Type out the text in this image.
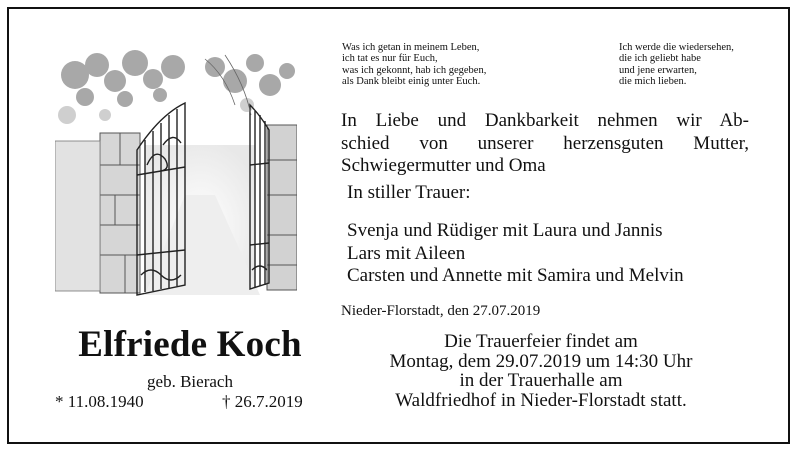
Was ich getan in meinem Leben,
ich tat es nur für Euch,
was ich gekonnt, hab ich gegeben,
als Dank bleibt einig unter Euch.
Ich werde die wiedersehen,
die ich geliebt habe
und jene erwarten,
die mich lieben.
In Liebe und Dankbarkeit nehmen wir Ab-
schied von unserer herzensguten Mutter,
Schwiegermutter und Oma
In stiller Trauer:
Svenja und Rüdiger mit Laura und Jannis
Lars mit Aileen
Carsten und Annette mit Samira und Melvin
Nieder-Florstadt, den 27.07.2019
Elfriede Koch
geb. Bierach
* 11.08.1940	† 26.7.2019
Die Trauerfeier findet am
Montag, dem 29.07.2019 um 14:30 Uhr
in der Trauerhalle am
Waldfriedhof in Nieder-Florstadt statt.
